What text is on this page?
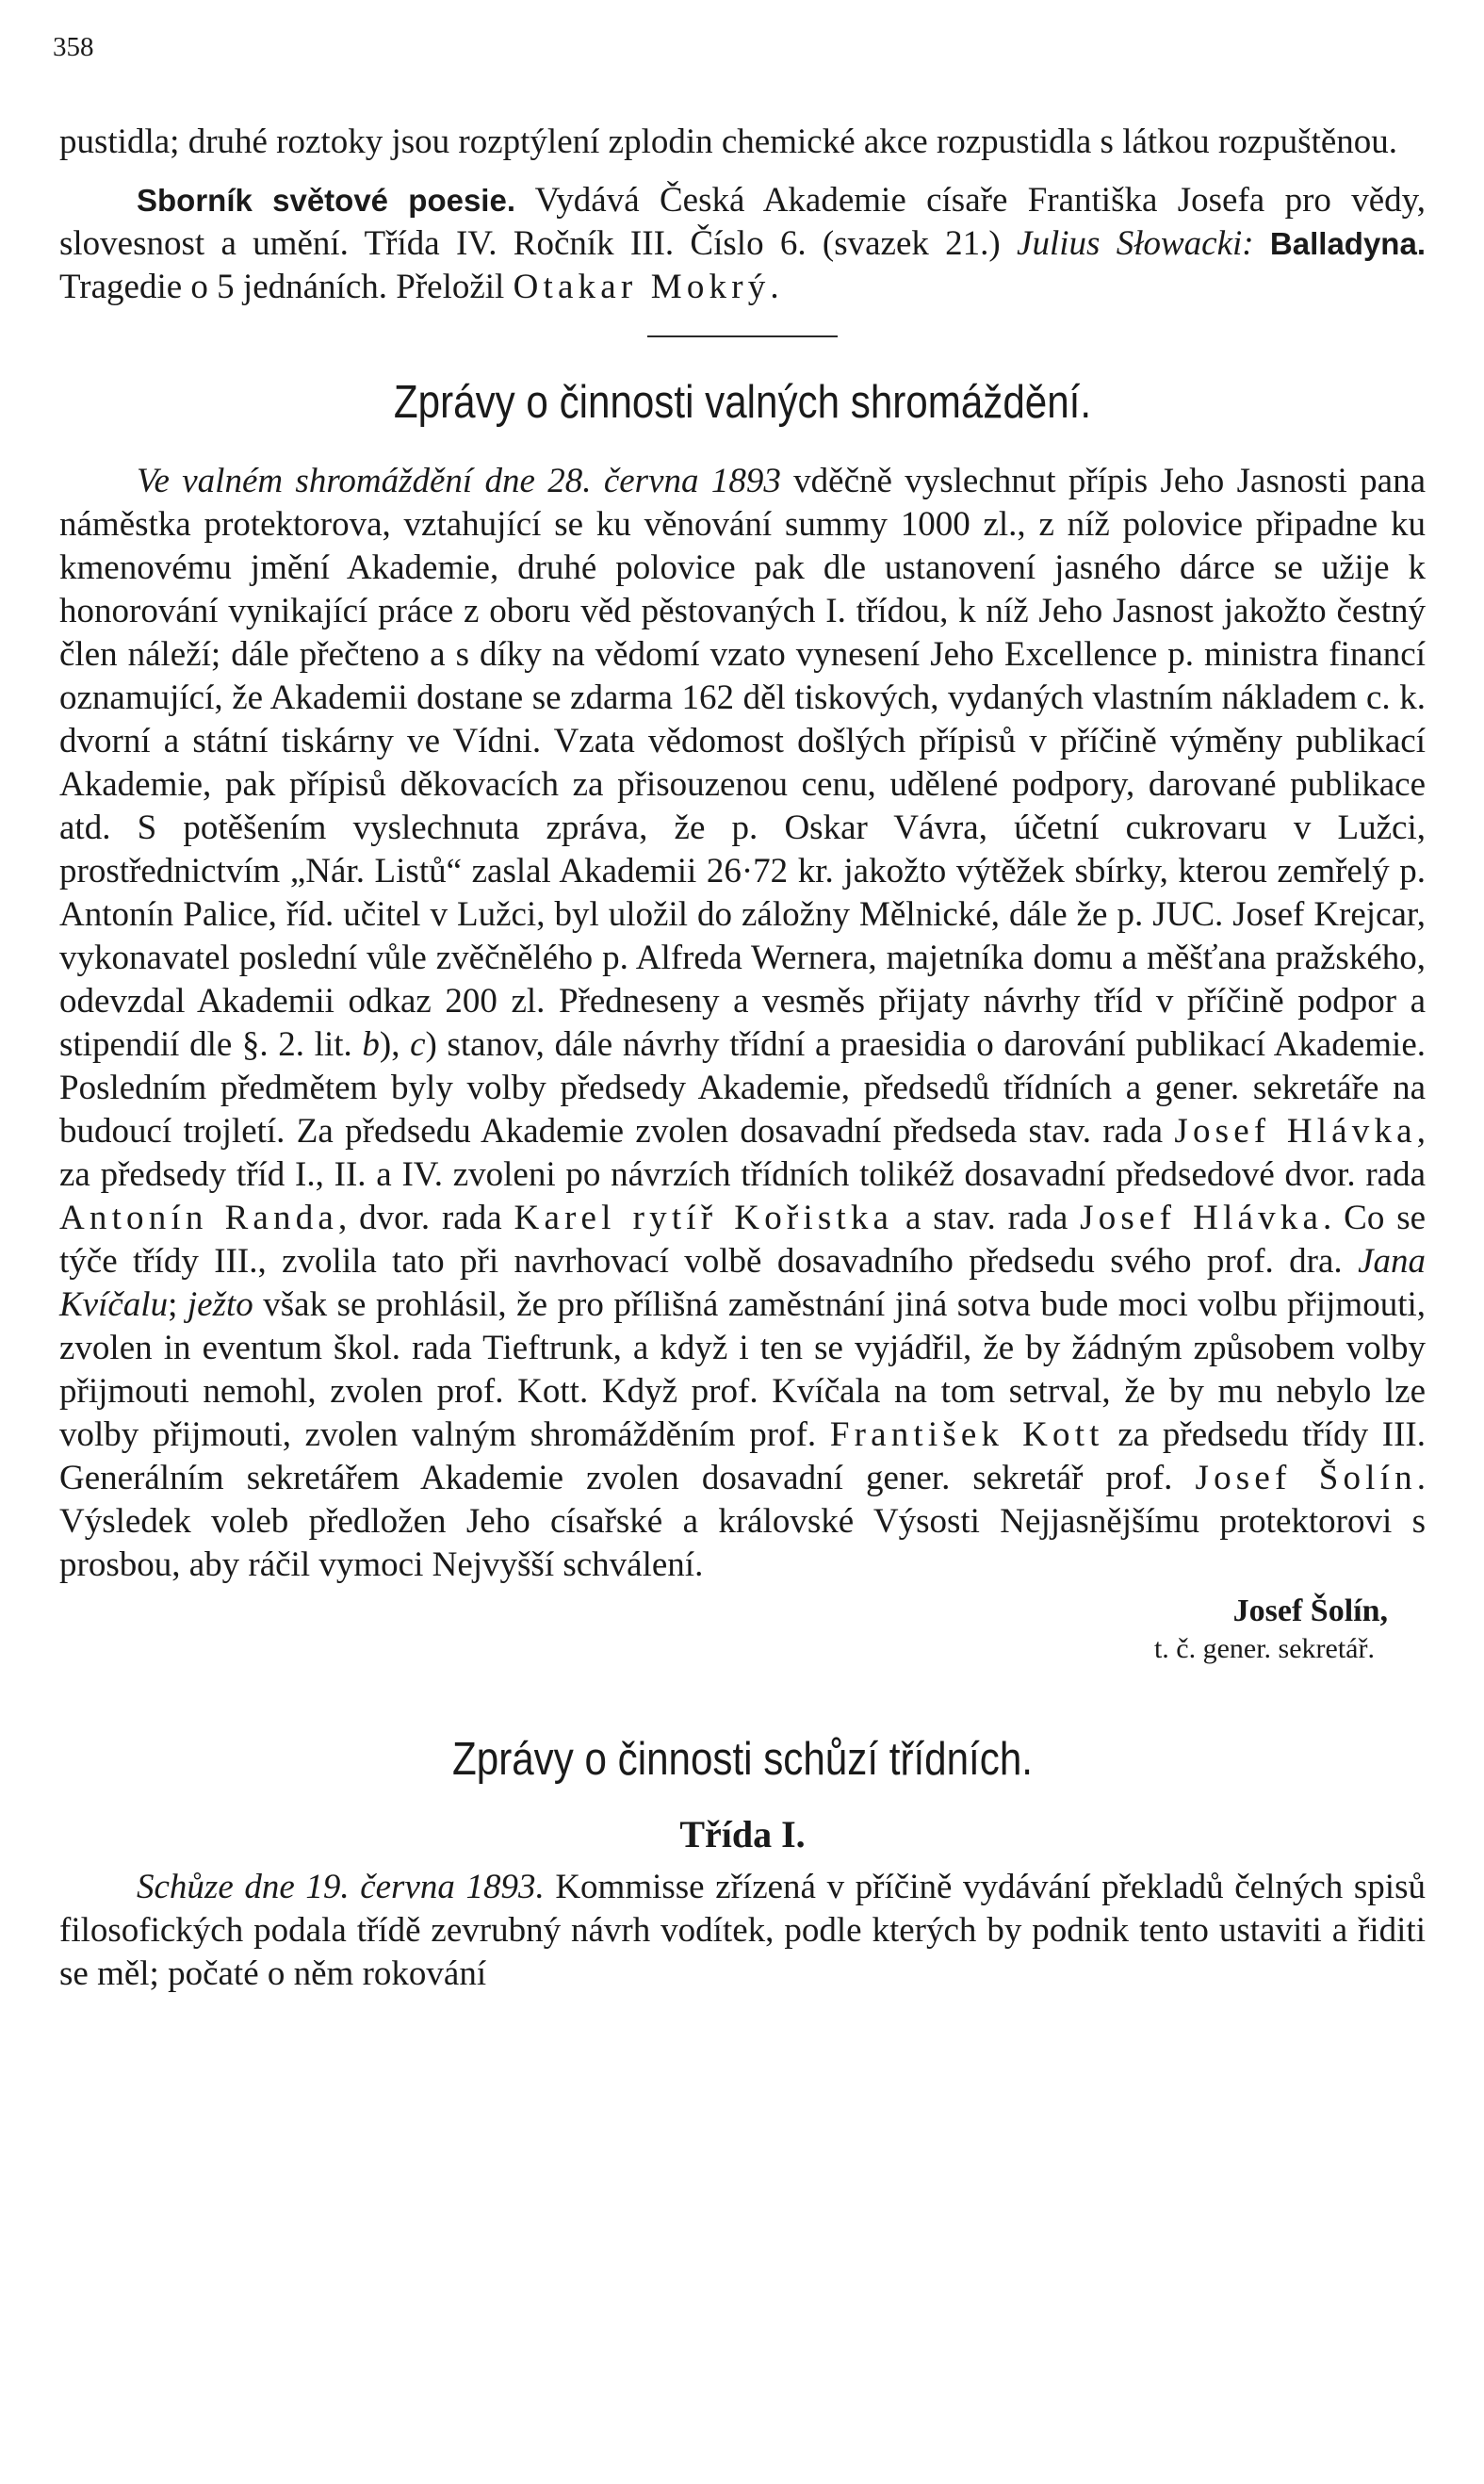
358

pustidla; druhé roztoky jsou rozptýlení zplodin chemické akce rozpustidla s látkou rozpuštěnou.

Sborník světové poesie. Vydává Česká Akademie císaře Františka Josefa pro vědy, slovesnost a umění. Třída IV. Ročník III. Číslo 6. (svazek 21.) Julius Słowacki: Balladyna. Tragedie o 5 jednáních. Přeložil Otakar Mokrý.

Zprávy o činnosti valných shromáždění.

Ve valném shromáždění dne 28. června 1893 vděčně vyslechnut přípis Jeho Jasnosti pana náměstka protektorova, vztahující se ku věnování summy 1000 zl., z níž polovice připadne ku kmenovému jmění Akademie, druhé polovice pak dle ustanovení jasného dárce se užije k honorování vynikající práce z oboru věd pěstovaných I. třídou, k níž Jeho Jasnost jakožto čestný člen náleží; dále přečteno a s díky na vědomí vzato vynesení Jeho Excellence p. ministra financí oznamující, že Akademii dostane se zdarma 162 děl tiskových, vydaných vlastním nákladem c. k. dvorní a státní tiskárny ve Vídni. Vzata vědomost došlých přípisů v příčině výměny publikací Akademie, pak přípisů děkovacích za přisouzenou cenu, udělené podpory, darované publikace atd. S potěšením vyslechnuta zpráva, že p. Oskar Vávra, účetní cukrovaru v Lužci, prostřednictvím „Nár. Listů“ zaslal Akademii 26·72 kr. jakožto výtěžek sbírky, kterou zemřelý p. Antonín Palice, říd. učitel v Lužci, byl uložil do záložny Mělnické, dále že p. JUC. Josef Krejcar, vykonavatel poslední vůle zvěčnělého p. Alfreda Wernera, majetníka domu a měšťana pražského, odevzdal Akademii odkaz 200 zl. Předneseny a vesměs přijaty návrhy tříd v příčině podpor a stipendií dle §. 2. lit. b), c) stanov, dále návrhy třídní a praesidia o darování publikací Akademie. Posledním předmětem byly volby předsedy Akademie, předsedů třídních a gener. sekretáře na budoucí trojletí. Za předsedu Akademie zvolen dosavadní předseda stav. rada Josef Hlávka, za předsedy tříd I., II. a IV. zvoleni po návrzích třídních tolikéž dosavadní předsedové dvor. rada Antonín Randa, dvor. rada Karel rytíř Kořistka a stav. rada Josef Hlávka. Co se týče třídy III., zvolila tato při navrhovací volbě dosavadního předsedu svého prof. dra. Jana Kvíčalu; ježto však se prohlásil, že pro přílišná zaměstnání jiná sotva bude moci volbu přijmouti, zvolen in eventum škol. rada Tieftrunk, a když i ten se vyjádřil, že by žádným způsobem volby přijmouti nemohl, zvolen prof. Kott. Když prof. Kvíčala na tom setrval, že by mu nebylo lze volby přijmouti, zvolen valným shromážděním prof. František Kott za předsedu třídy III. Generálním sekretářem Akademie zvolen dosavadní gener. sekretář prof. Josef Šolín. Výsledek voleb předložen Jeho císařské a královské Výsosti Nejjasnějšímu protektorovi s prosbou, aby ráčil vymoci Nejvyšší schválení.

Josef Šolín,
t. č. gener. sekretář.
Zprávy o činnosti schůzí třídních.
Třída I.

Schůze dne 19. června 1893. Kommisse zřízená v příčině vydávání překladů čelných spisů filosofických podala třídě zevrubný návrh vodítek, podle kterých by podnik tento ustaviti a řiditi se měl; počaté o něm rokování
